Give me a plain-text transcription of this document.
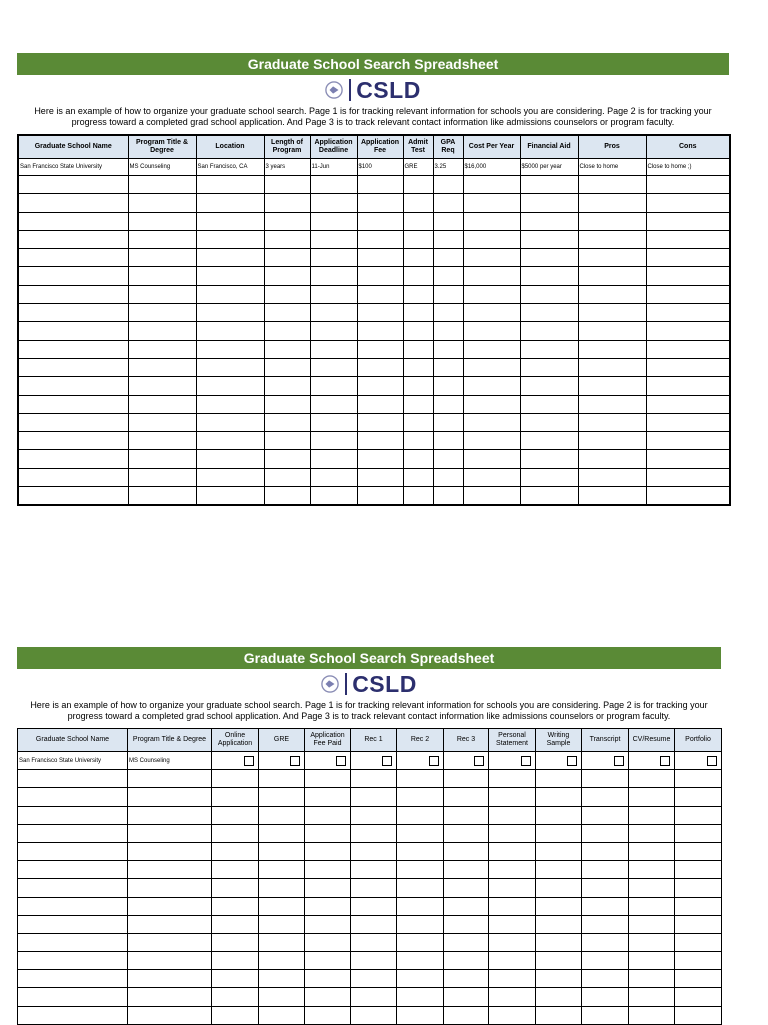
Graduate School Search Spreadsheet
CSLD
Here is an example of how to organize your graduate school search. Page 1 is for tracking relevant information for schools you are considering. Page 2 is for tracking your progress toward a completed grad school application. And Page 3 is to track relevant contact information like admissions counselors or program faculty.
Graduate School Name	Program Title & Degree	Location	Length of Program	Application Deadline	Application Fee	Admit Test	GPA Req	Cost Per Year	Financial Aid	Pros	Cons
San Francisco State University	MS Counseling	San Francisco, CA	3 years	11-Jun	$100	GRE	3.25	$16,000	$5000 per year	Close to home	Close to home ;)

Graduate School Search Spreadsheet
CSLD
Here is an example of how to organize your graduate school search. Page 1 is for tracking relevant information for schools you are considering. Page 2 is for tracking your progress toward a completed grad school application. And Page 3 is to track relevant contact information like admissions counselors or program faculty.
Graduate School Name	Program Title & Degree	Online Application	GRE	Application Fee Paid	Rec 1	Rec 2	Rec 3	Personal Statement	Writing Sample	Transcript	CV/Resume	Portfolio
San Francisco State University	MS Counseling											
